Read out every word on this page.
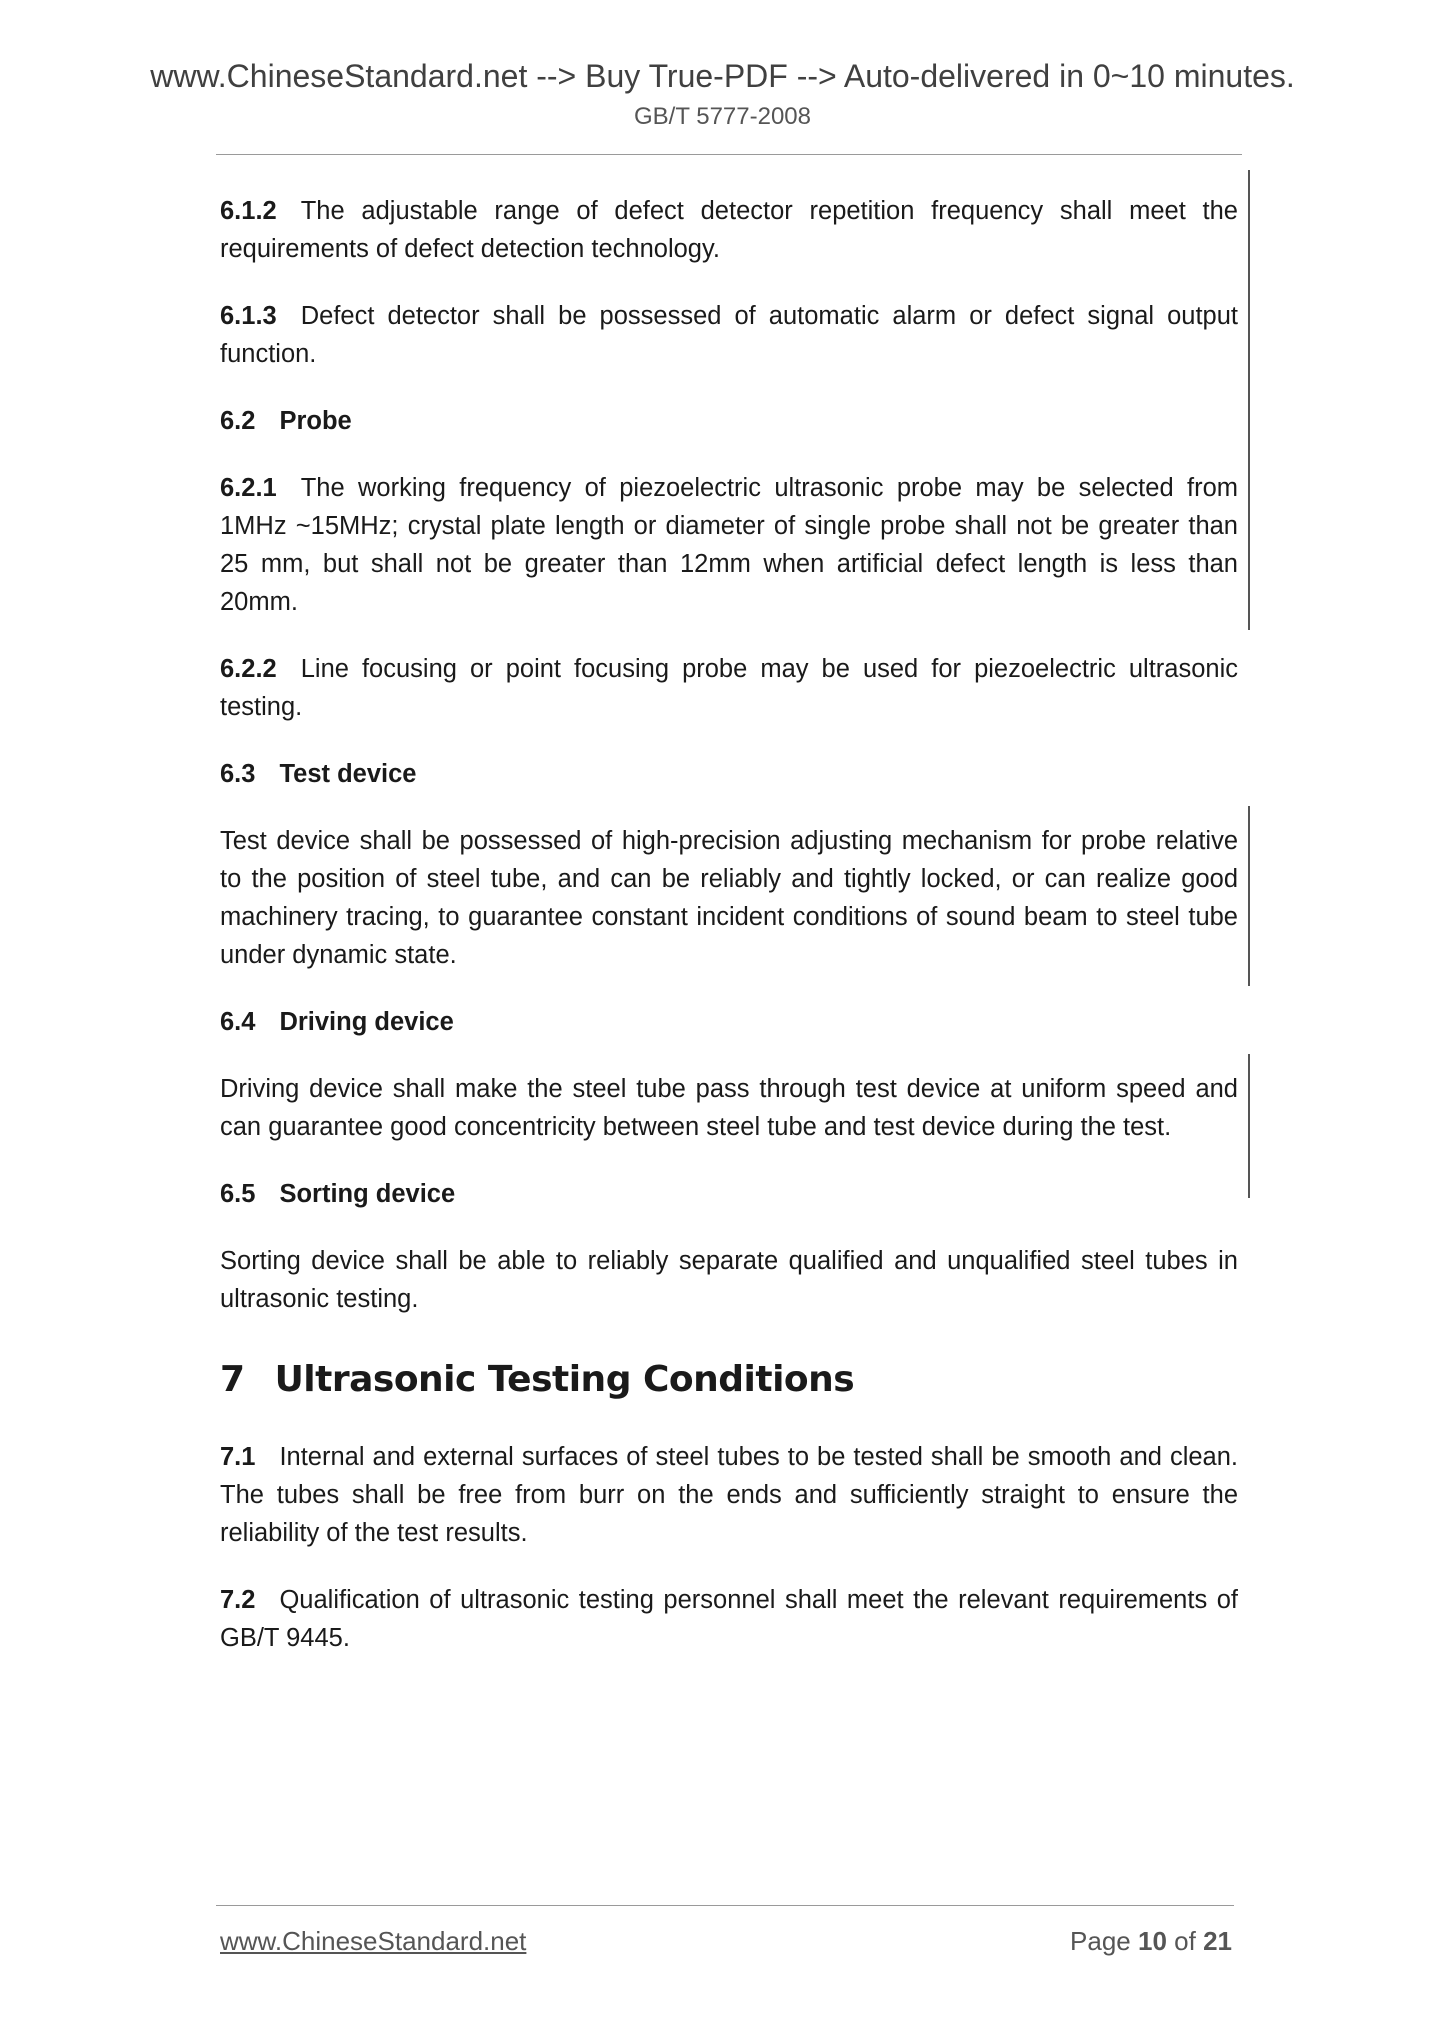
www.ChineseStandard.net --> Buy True-PDF --> Auto-delivered in 0~10 minutes.
GB/T 5777-2008

6.1.2 The adjustable range of defect detector repetition frequency shall meet the requirements of defect detection technology.

6.1.3 Defect detector shall be possessed of automatic alarm or defect signal output function.

6.2 Probe

6.2.1 The working frequency of piezoelectric ultrasonic probe may be selected from 1MHz ~15MHz; crystal plate length or diameter of single probe shall not be greater than 25 mm, but shall not be greater than 12mm when artificial defect length is less than 20mm.

6.2.2 Line focusing or point focusing probe may be used for piezoelectric ultrasonic testing.

6.3 Test device

Test device shall be possessed of high-precision adjusting mechanism for probe relative to the position of steel tube, and can be reliably and tightly locked, or can realize good machinery tracing, to guarantee constant incident conditions of sound beam to steel tube under dynamic state.

6.4 Driving device

Driving device shall make the steel tube pass through test device at uniform speed and can guarantee good concentricity between steel tube and test device during the test.

6.5 Sorting device

Sorting device shall be able to reliably separate qualified and unqualified steel tubes in ultrasonic testing.

7 Ultrasonic Testing Conditions

7.1 Internal and external surfaces of steel tubes to be tested shall be smooth and clean. The tubes shall be free from burr on the ends and sufficiently straight to ensure the reliability of the test results.

7.2 Qualification of ultrasonic testing personnel shall meet the relevant requirements of GB/T 9445.

www.ChineseStandard.net	Page 10 of 21
